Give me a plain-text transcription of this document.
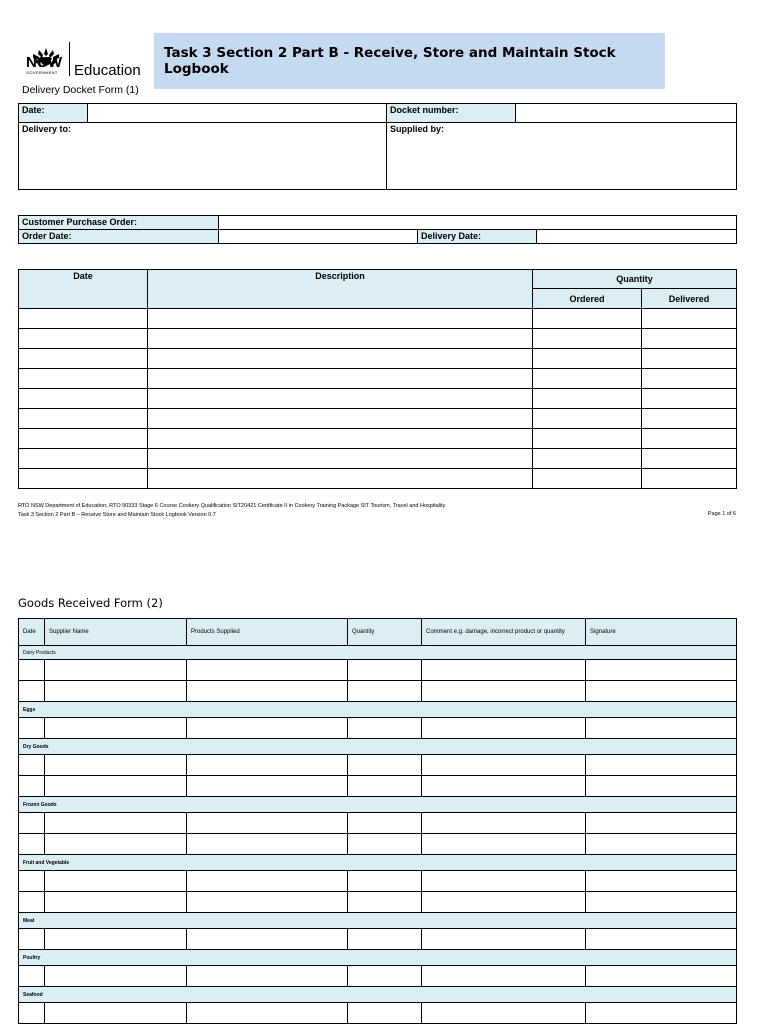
NSW
GOVERNMENT Education
Task 3 Section 2 Part B - Receive, Store and Maintain Stock Logbook
Delivery Docket Form (1)
Date:		Docket number:	
Delivery to:		Supplied by:	
Customer Purchase Order:			
Order Date:		Delivery Date:	
Date	Description	Quantity	
		Ordered	Delivered

RTO NSW Department of Education, RTO 90333 Stage 6 Course Cookery Qualification SIT20421 Certificate II in Cookery Training Package SIT Tourism, Travel and Hospitality
Task 3 Section 2 Part B – Receive Store and Maintain Stock Logbook Version 0.7	Page 1 of 6
Goods Received Form (2)
Date	Supplier Name	Products Supplied	Quantity	Comment e.g. damage, incorrect product or quantity	Signature
Dairy Products					

Eggs					

Dry Goods					

Frozen Goods					

Fruit and Vegetable					

Meat					

Poultry					

Seafood					
